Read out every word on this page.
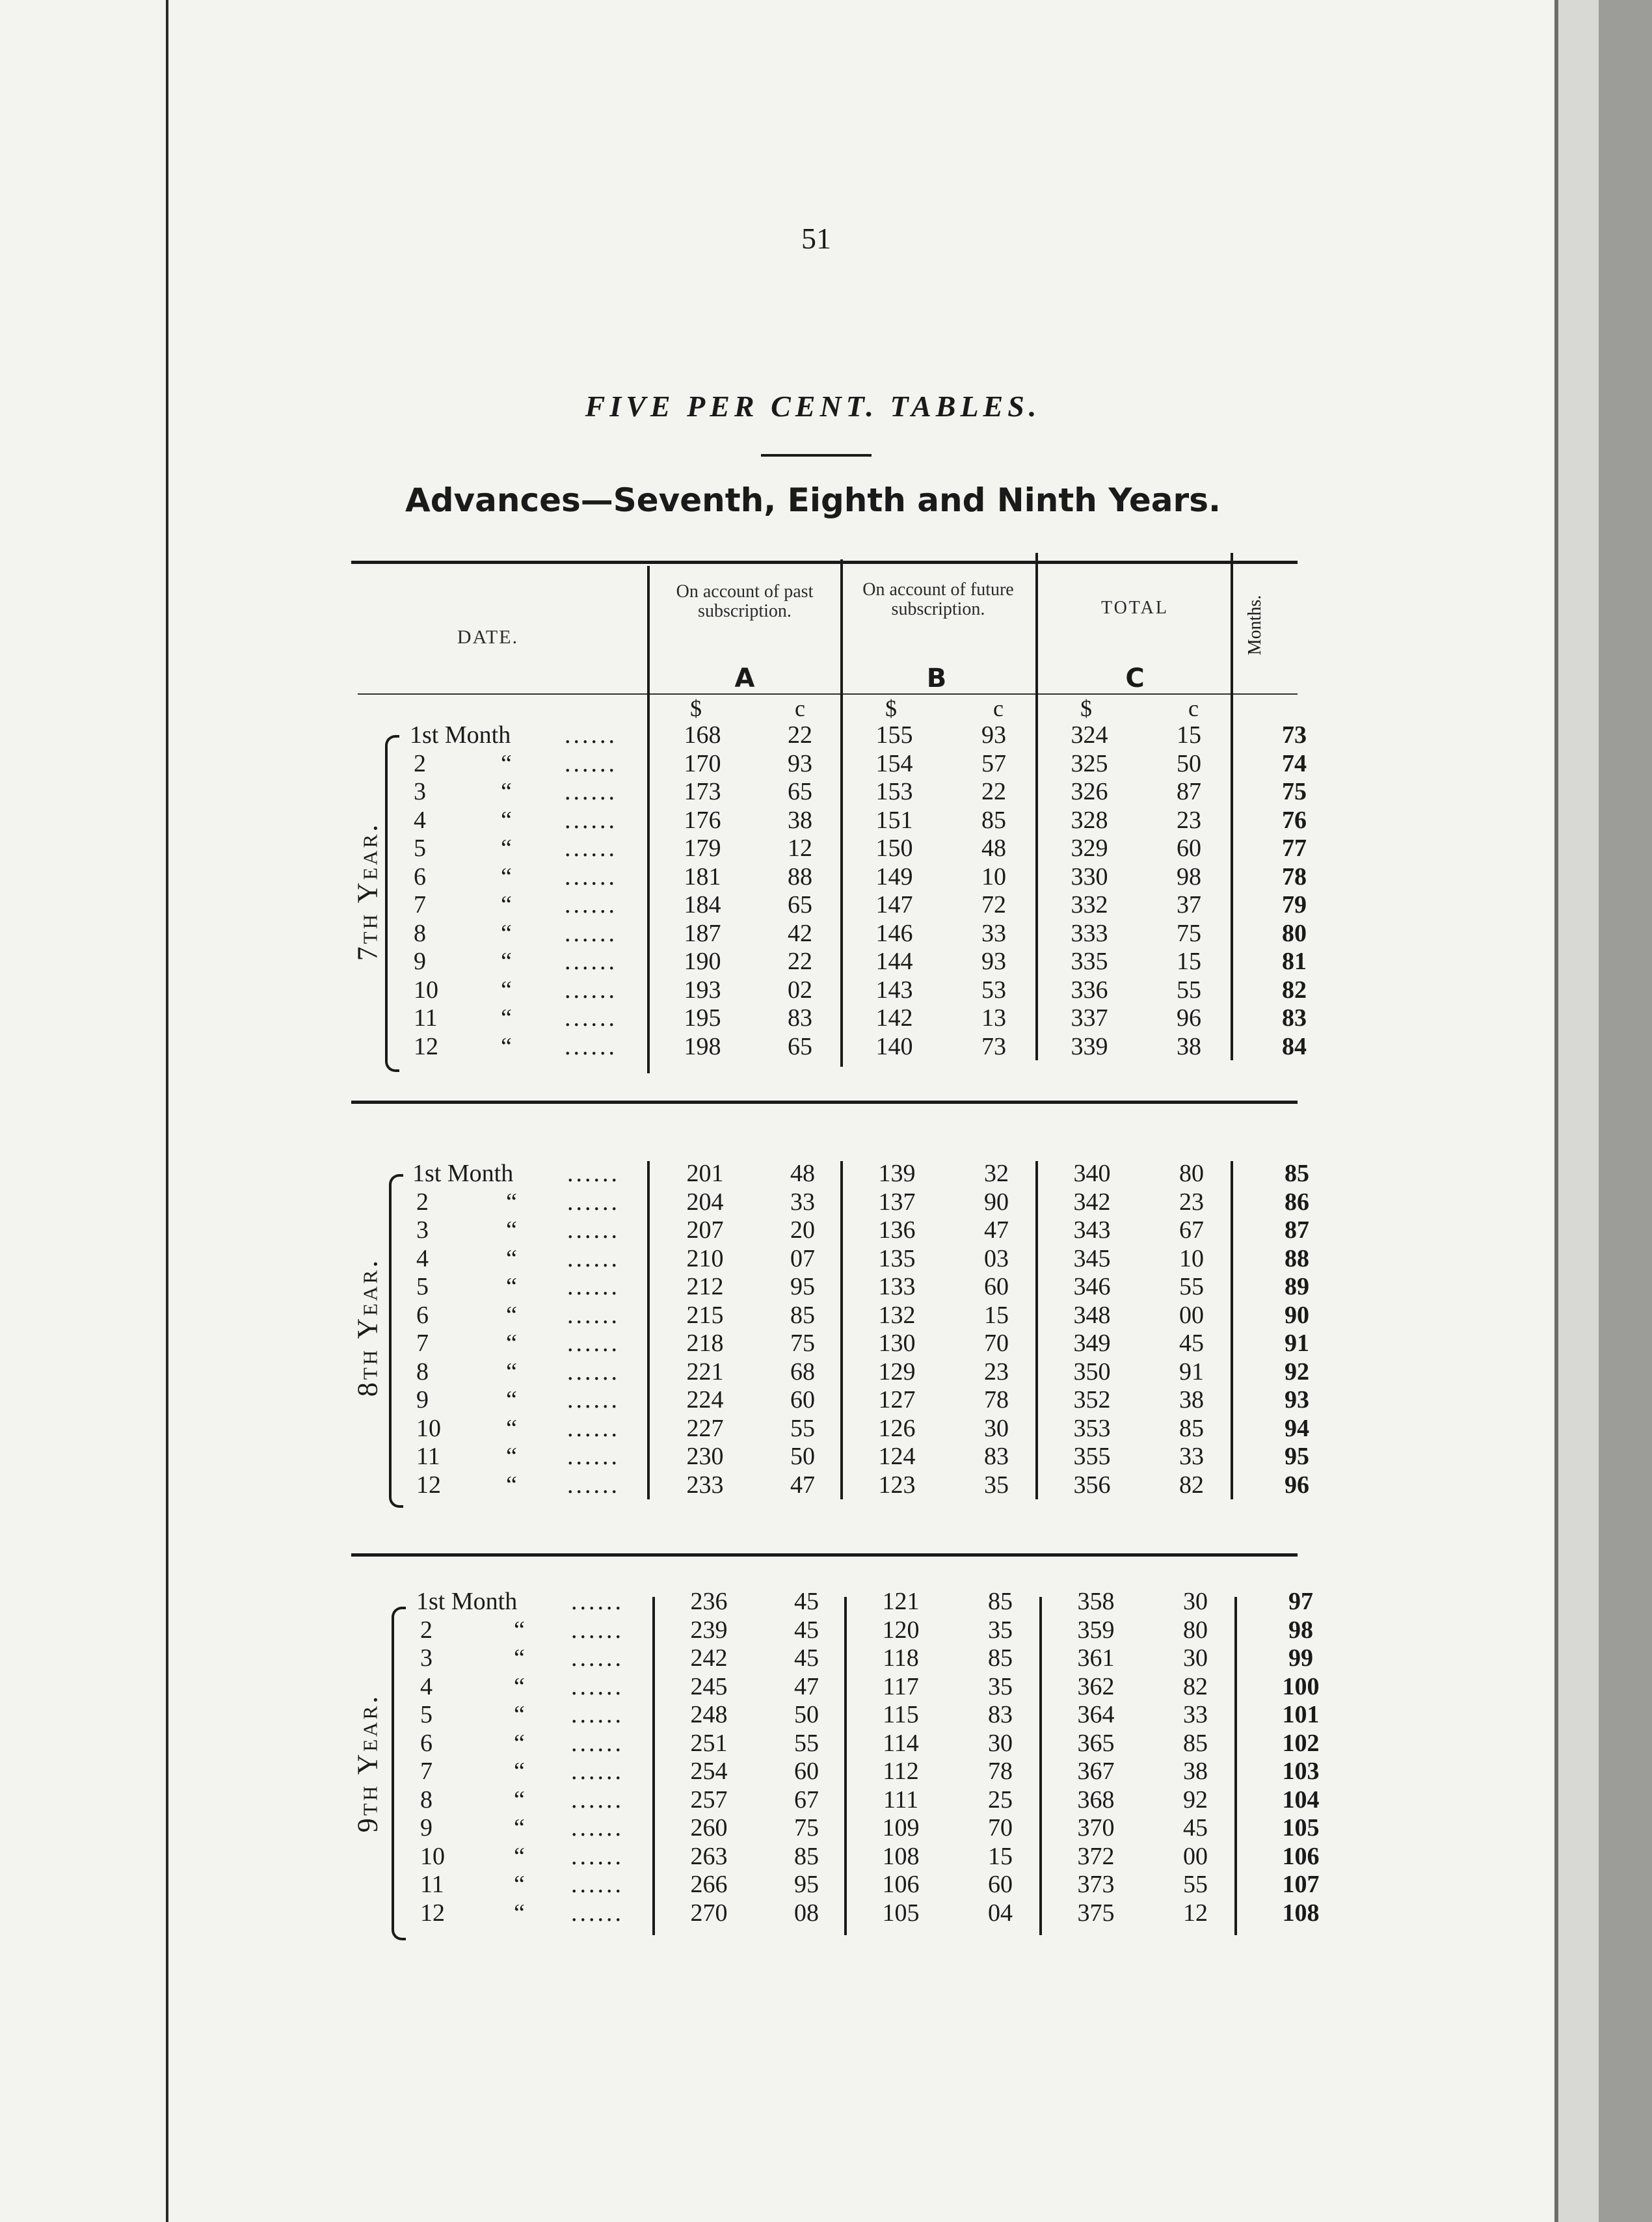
51
FIVE PER CENT. TABLES.
Advances—Seventh, Eighth and Ninth Years.
DATE.
On account of past subscription.
On account of future subscription.	TOTAL	Months.
A	B	C
$	c	$	c	$	c
7th Year.
8th Year.
9th Year.
1st Month	......	168	22	155	93	324	15	73
2	“ ......	170	93	154	57	325	50	74
3	“ ......	173	65	153	22	326	87	75
4	“ ......	176	38	151	85	328	23	76
5	“ ......	179	12	150	48	329	60	77
6	“ ......	181	88	149	10	330	98	78
7	“ ......	184	65	147	72	332	37	79
8	“ ......	187	42	146	33	333	75	80
9	“ ......	190	22	144	93	335	15	81
10	“ ......	193	02	143	53	336	55	82
11	“ ......	195	83	142	13	337	96	83
12	“ ......	198	65	140	73	339	38	84
1st Month	......	201	48	139	32	340	80	85
2	“ ......	204	33	137	90	342	23	86
3	“ ......	207	20	136	47	343	67	87
4	“ ......	210	07	135	03	345	10	88
5	“ ......	212	95	133	60	346	55	89
6	“ ......	215	85	132	15	348	00	90
7	“ ......	218	75	130	70	349	45	91
8	“ ......	221	68	129	23	350	91	92
9	“ ......	224	60	127	78	352	38	93
10	“ ......	227	55	126	30	353	85	94
11	“ ......	230	50	124	83	355	33	95
12	“ ......	233	47	123	35	356	82	96
1st Month	......	236	45	121	85	358	30	97
2	“ ......	239	45	120	35	359	80	98
3	“ ......	242	45	118	85	361	30	99
4	“ ......	245	47	117	35	362	82	100
5	“ ......	248	50	115	83	364	33	101
6	“ ......	251	55	114	30	365	85	102
7	“ ......	254	60	112	78	367	38	103
8	“ ......	257	67	111	25	368	92	104
9	“ ......	260	75	109	70	370	45	105
10	“ ......	263	85	108	15	372	00	106
11	“ ......	266	95	106	60	373	55	107
12	“ ......	270	08	105	04	375	12	108
